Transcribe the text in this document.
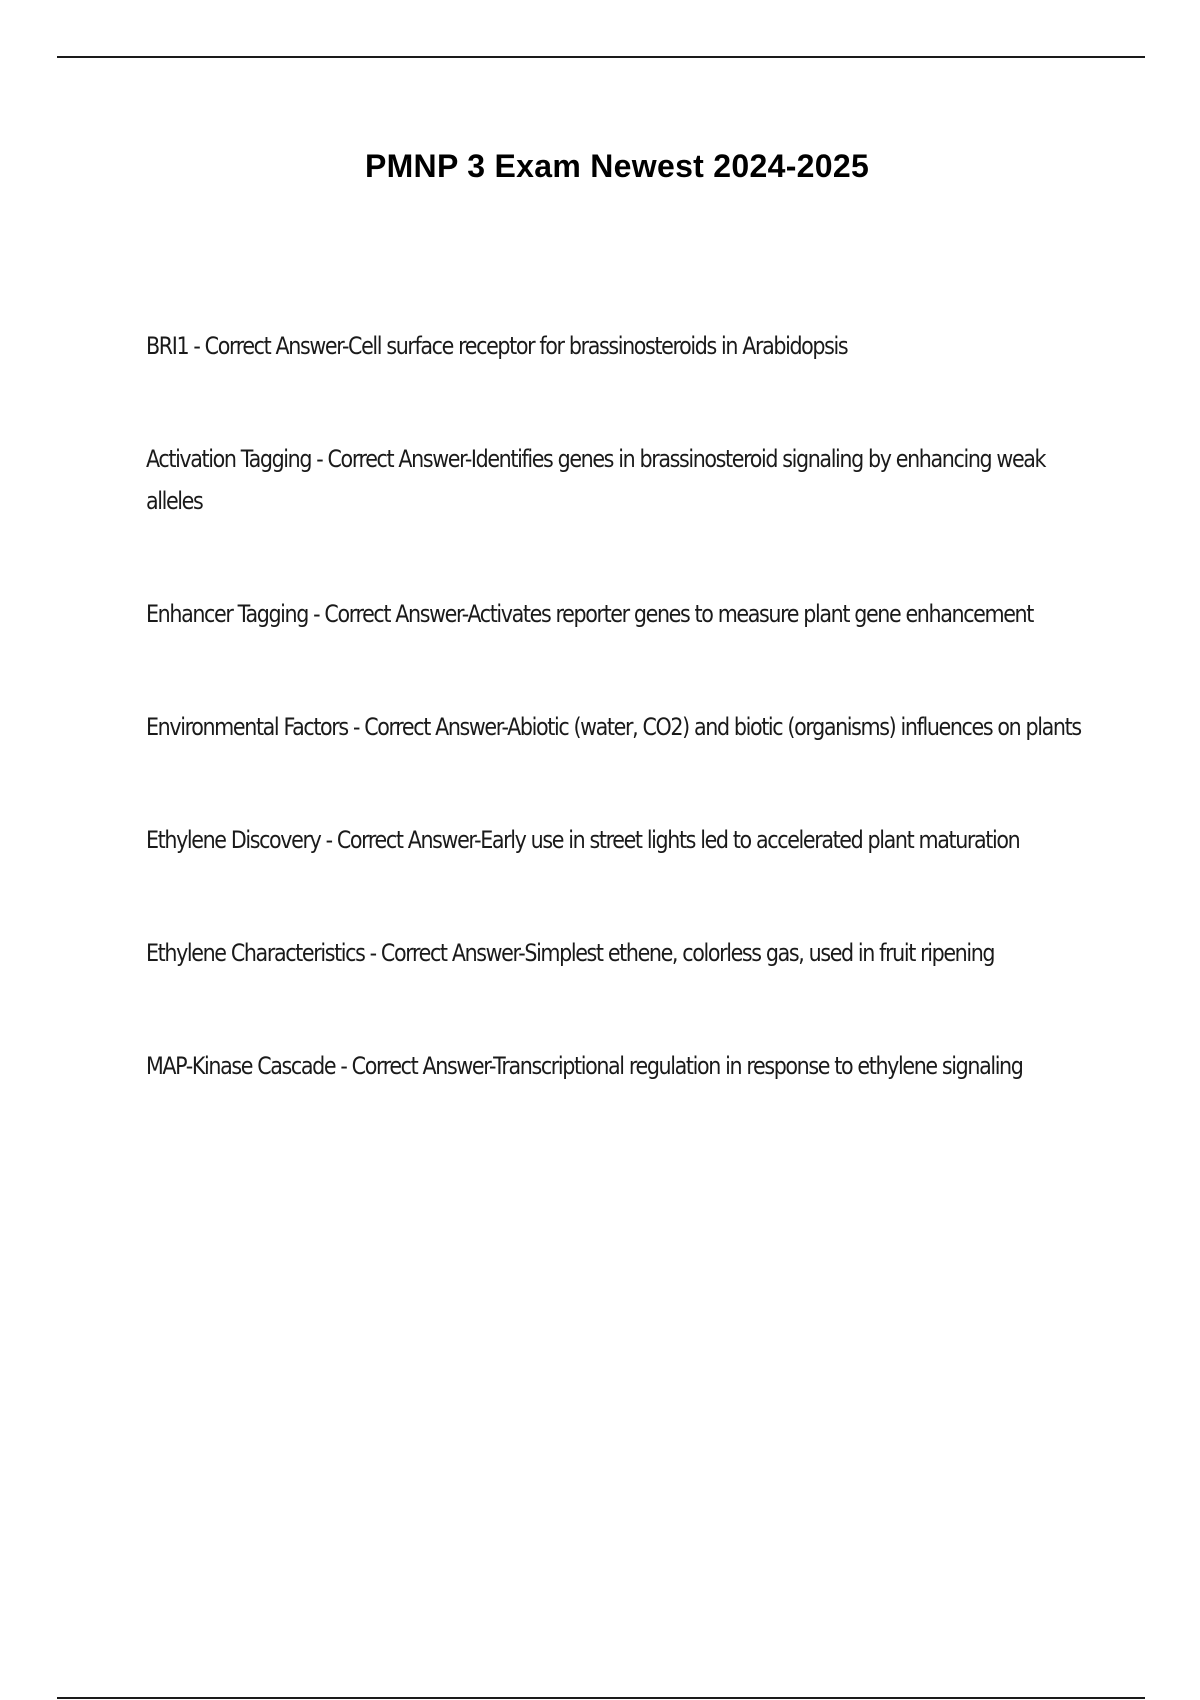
PMNP 3 Exam Newest 2024-2025
BRI1 - Correct Answer-Cell surface receptor for brassinosteroids in Arabidopsis
Activation Tagging - Correct Answer-Identifies genes in brassinosteroid signaling by enhancing weak alleles
Enhancer Tagging - Correct Answer-Activates reporter genes to measure plant gene enhancement
Environmental Factors - Correct Answer-Abiotic (water, CO2) and biotic (organisms) influences on plants
Ethylene Discovery - Correct Answer-Early use in street lights led to accelerated plant maturation
Ethylene Characteristics - Correct Answer-Simplest ethene, colorless gas, used in fruit ripening
MAP-Kinase Cascade - Correct Answer-Transcriptional regulation in response to ethylene signaling
